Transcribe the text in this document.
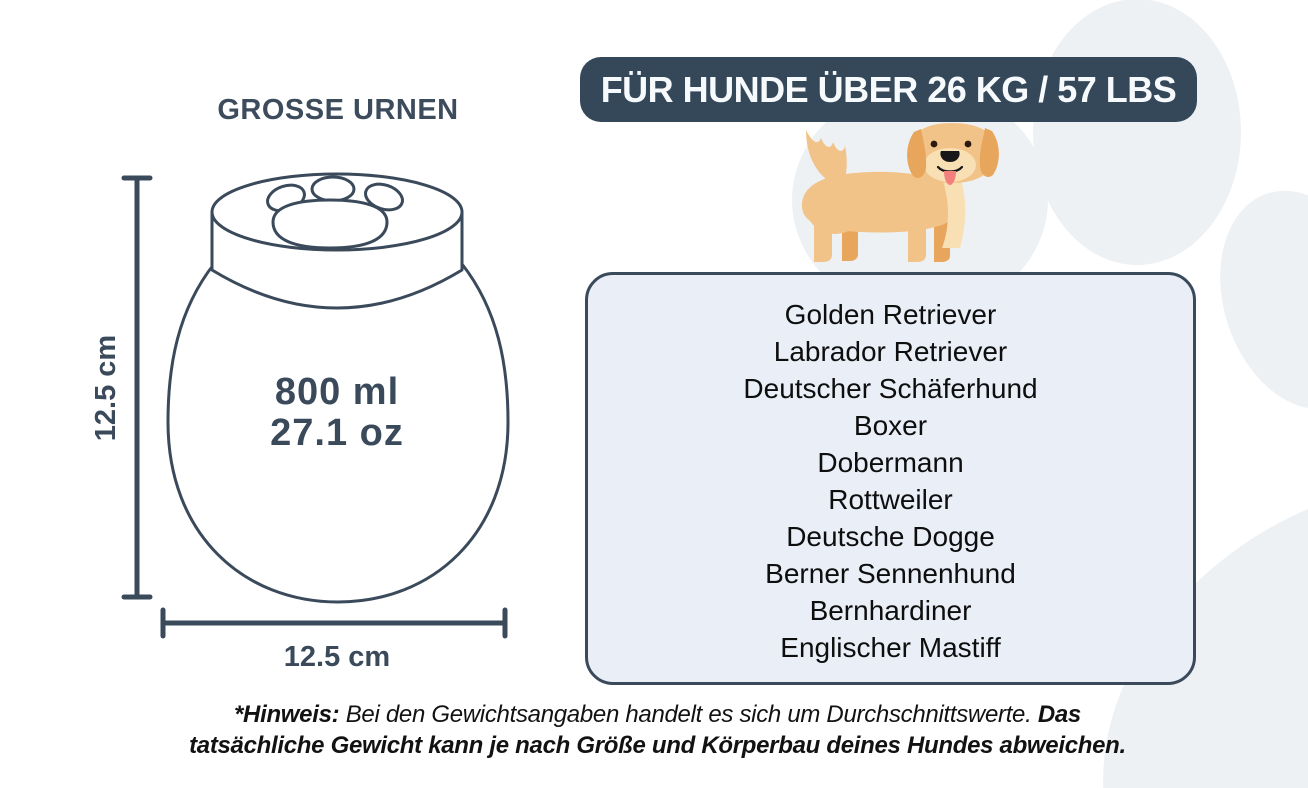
GROSSE URNEN
800 ml
27.1 oz
12.5 cm
12.5 cm
FÜR HUNDE ÜBER 26 KG / 57 LBS
Golden Retriever
Labrador Retriever
Deutscher Schäferhund
Boxer
Dobermann
Rottweiler
Deutsche Dogge
Berner Sennenhund
Bernhardiner
Englischer Mastiff
*Hinweis: Bei den Gewichtsangaben handelt es sich um Durchschnittswerte. Das
tatsächliche Gewicht kann je nach Größe und Körperbau deines Hundes abweichen.
